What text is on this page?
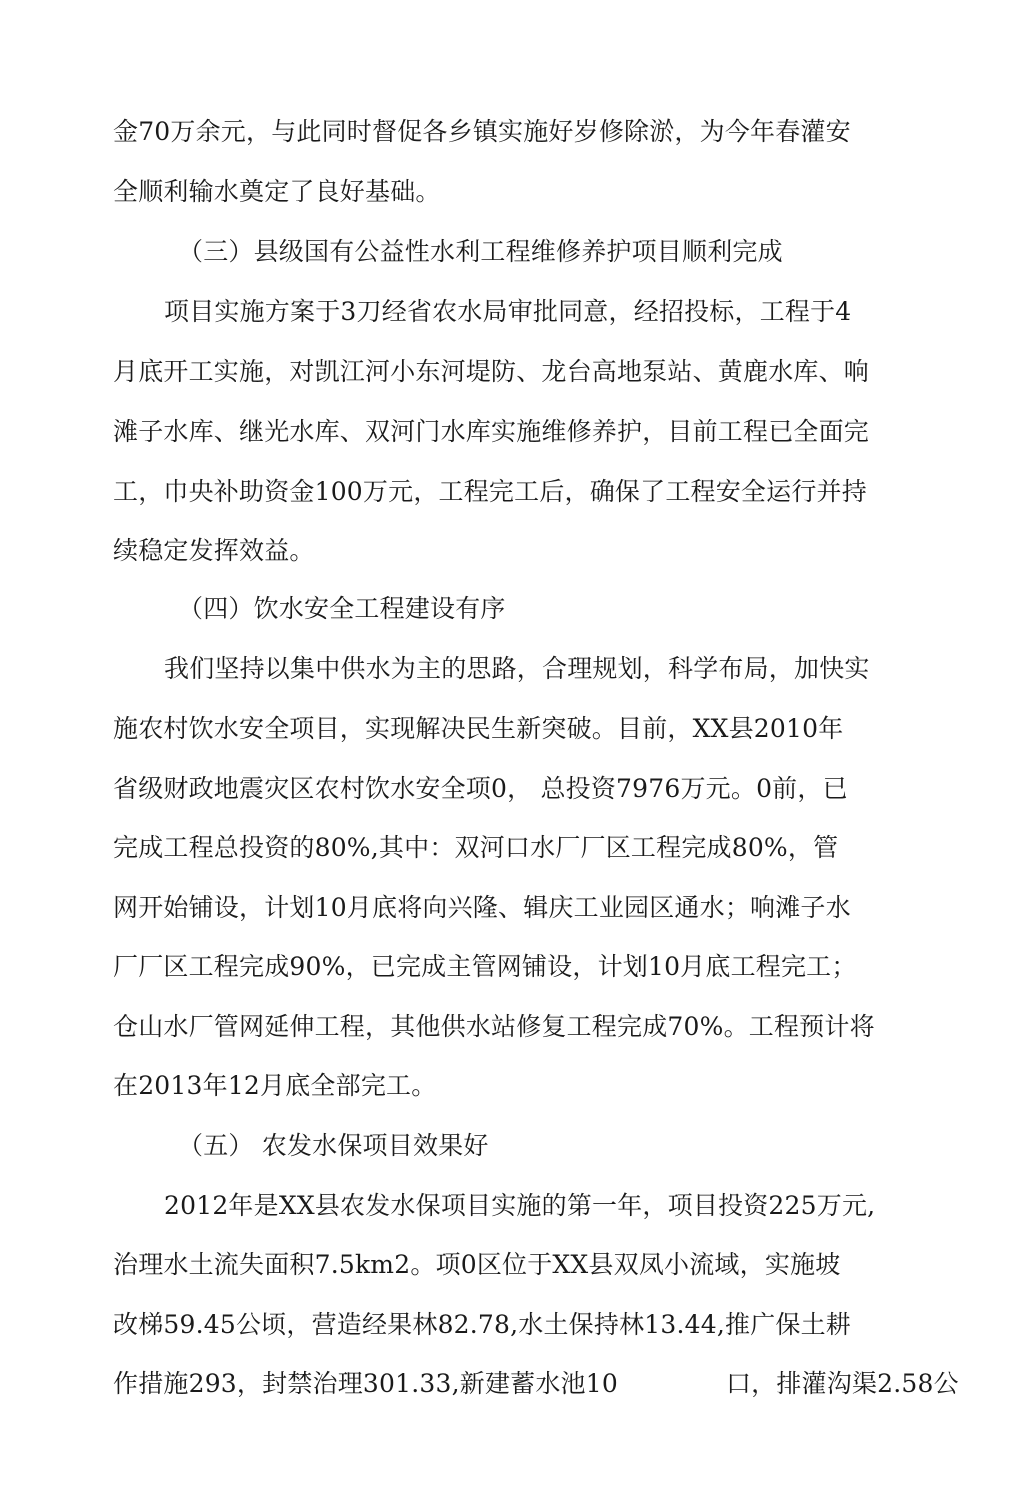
金70万余元，与此同时督促各乡镇实施好岁修除淤，为今年春灌安
全顺利输水奠定了良好基础。
（三）县级国有公益性水利工程维修养护项目顺利完成
项目实施方案于3刀经省农水局审批同意，经招投标，工程于4
月底开工实施，对凯江河小东河堤防、龙台高地泵站、黄鹿水库、响
滩子水库、继光水库、双河门水库实施维修养护，目前工程已全面完
工，巾央补助资金100万元，工程完工后，确保了工程安全运行并持
续稳定发挥效益。
（四）饮水安全工程建设有序
我们坚持以集中供水为主的思路，合理规划，科学布局，加快实
施农村饮水安全项目，实现解决民生新突破。目前，XX县2010年
省级财政地震灾区农村饮水安全项0， 总投资7976万元。0前，已
完成工程总投资的80%,其中：双河口水厂厂区工程完成80%，管
网开始铺设，计划10月底将向兴隆、辑庆工业园区通水；响滩子水
厂厂区工程完成90%，已完成主管网铺设，计划10月底工程完工；
仓山水厂管网延伸工程，其他供水站修复工程完成70%。工程预计将
在2013年12月底全部完工。
（五） 农发水保项目效果好
2012年是XX县农发水保项目实施的第一年，项目投资225万元,
治理水土流失面积7.5km2。项0区位于XX县双凤小流域，实施坡
改梯59.45公顷，营造经果林82.78,水土保持林13.44,推广保土耕
作措施293，封禁治理301.33,新建蓄水池10	口，排灌沟渠2.58公
